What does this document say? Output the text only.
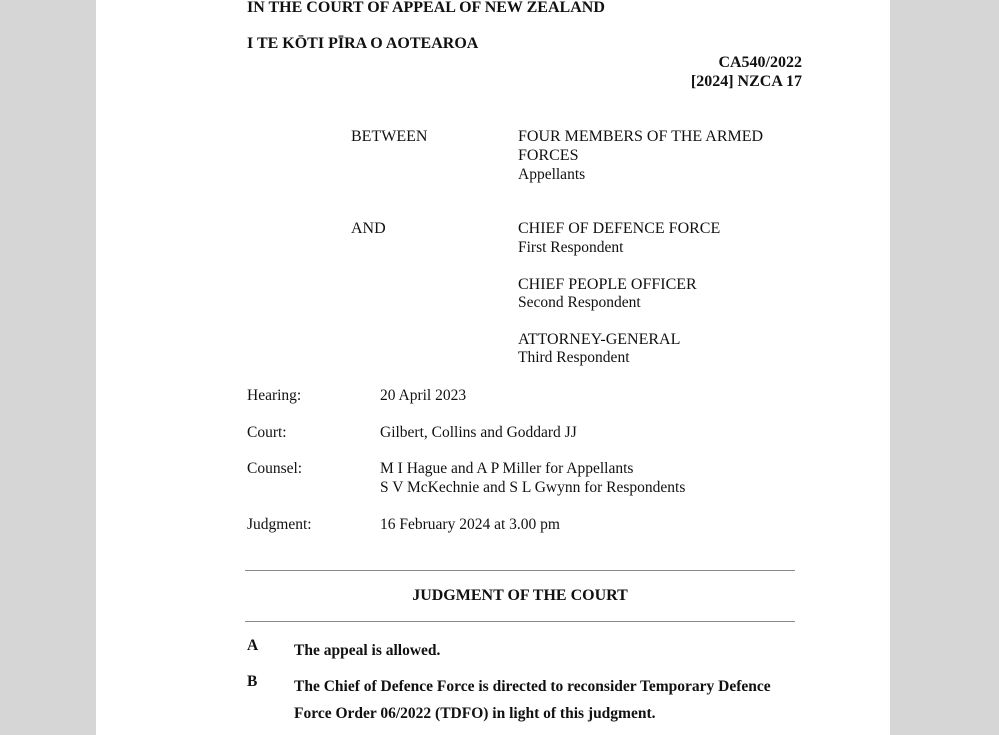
IN THE COURT OF APPEAL OF NEW ZEALAND
I TE KŌTI PĪRA O AOTEAROA
CA540/2022
[2024] NZCA 17
BETWEEN	FOUR MEMBERS OF THE ARMED
FORCES
Appellants
AND	CHIEF OF DEFENCE FORCE
First Respondent
CHIEF PEOPLE OFFICER
Second Respondent
ATTORNEY-GENERAL
Third Respondent
Hearing:	20 April 2023
Court:	Gilbert, Collins and Goddard JJ
Counsel:	M I Hague and A P Miller for Appellants
S V McKechnie and S L Gwynn for Respondents
Judgment:	16 February 2024 at 3.00 pm
JUDGMENT OF THE COURT
A The appeal is allowed.
B The Chief of Defence Force is directed to reconsider Temporary Defence Force Order 06/2022 (TDFO) in light of this judgment.
